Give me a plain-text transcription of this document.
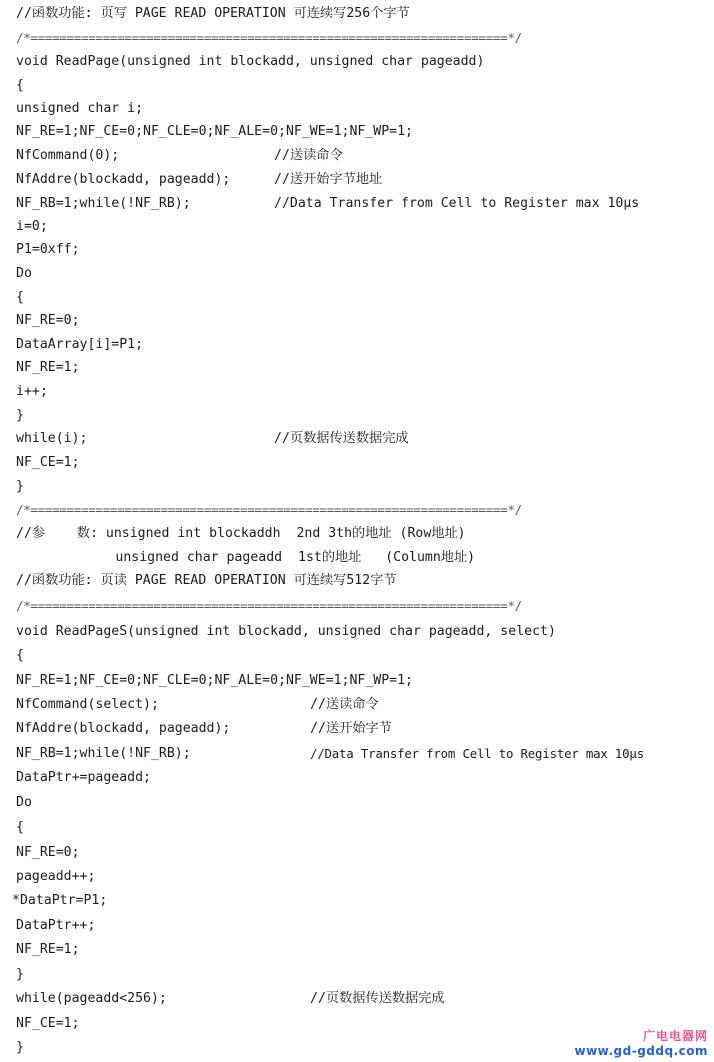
//函数功能: 页写 PAGE READ OPERATION 可连续写256个字节
/*==================================================================*/
void ReadPage(unsigned int blockadd, unsigned char pageadd)
{
unsigned char i;
NF_RE=1;NF_CE=0;NF_CLE=0;NF_ALE=0;NF_WE=1;NF_WP=1;
NfCommand(0);	//送读命令
NfAddre(blockadd, pageadd);	//送开始字节地址
NF_RB=1;while(!NF_RB);	//Data Transfer from Cell to Register max 10μs
i=0;
P1=0xff;
Do
{
NF_RE=0;
DataArray[i]=P1;
NF_RE=1;
i++;
}
while(i);	//页数据传送数据完成
NF_CE=1;
}
/*==================================================================*/
//参    数: unsigned int blockaddh  2nd 3th的地址 (Row地址)
unsigned char pageadd  1st的地址   (Column地址)
//函数功能: 页读 PAGE READ OPERATION 可连续写512字节
/*==================================================================*/
void ReadPageS(unsigned int blockadd, unsigned char pageadd, select)
{
NF_RE=1;NF_CE=0;NF_CLE=0;NF_ALE=0;NF_WE=1;NF_WP=1;
NfCommand(select);	//送读命令
NfAddre(blockadd, pageadd);	//送开始字节
NF_RB=1;while(!NF_RB);	//Data Transfer from Cell to Register max 10μs
DataPtr+=pageadd;
Do
{
NF_RE=0;
pageadd++;
*DataPtr=P1;
DataPtr++;
NF_RE=1;
}
while(pageadd<256);	//页数据传送数据完成
NF_CE=1;
}
广电电器网
www.gd-gddq.com
